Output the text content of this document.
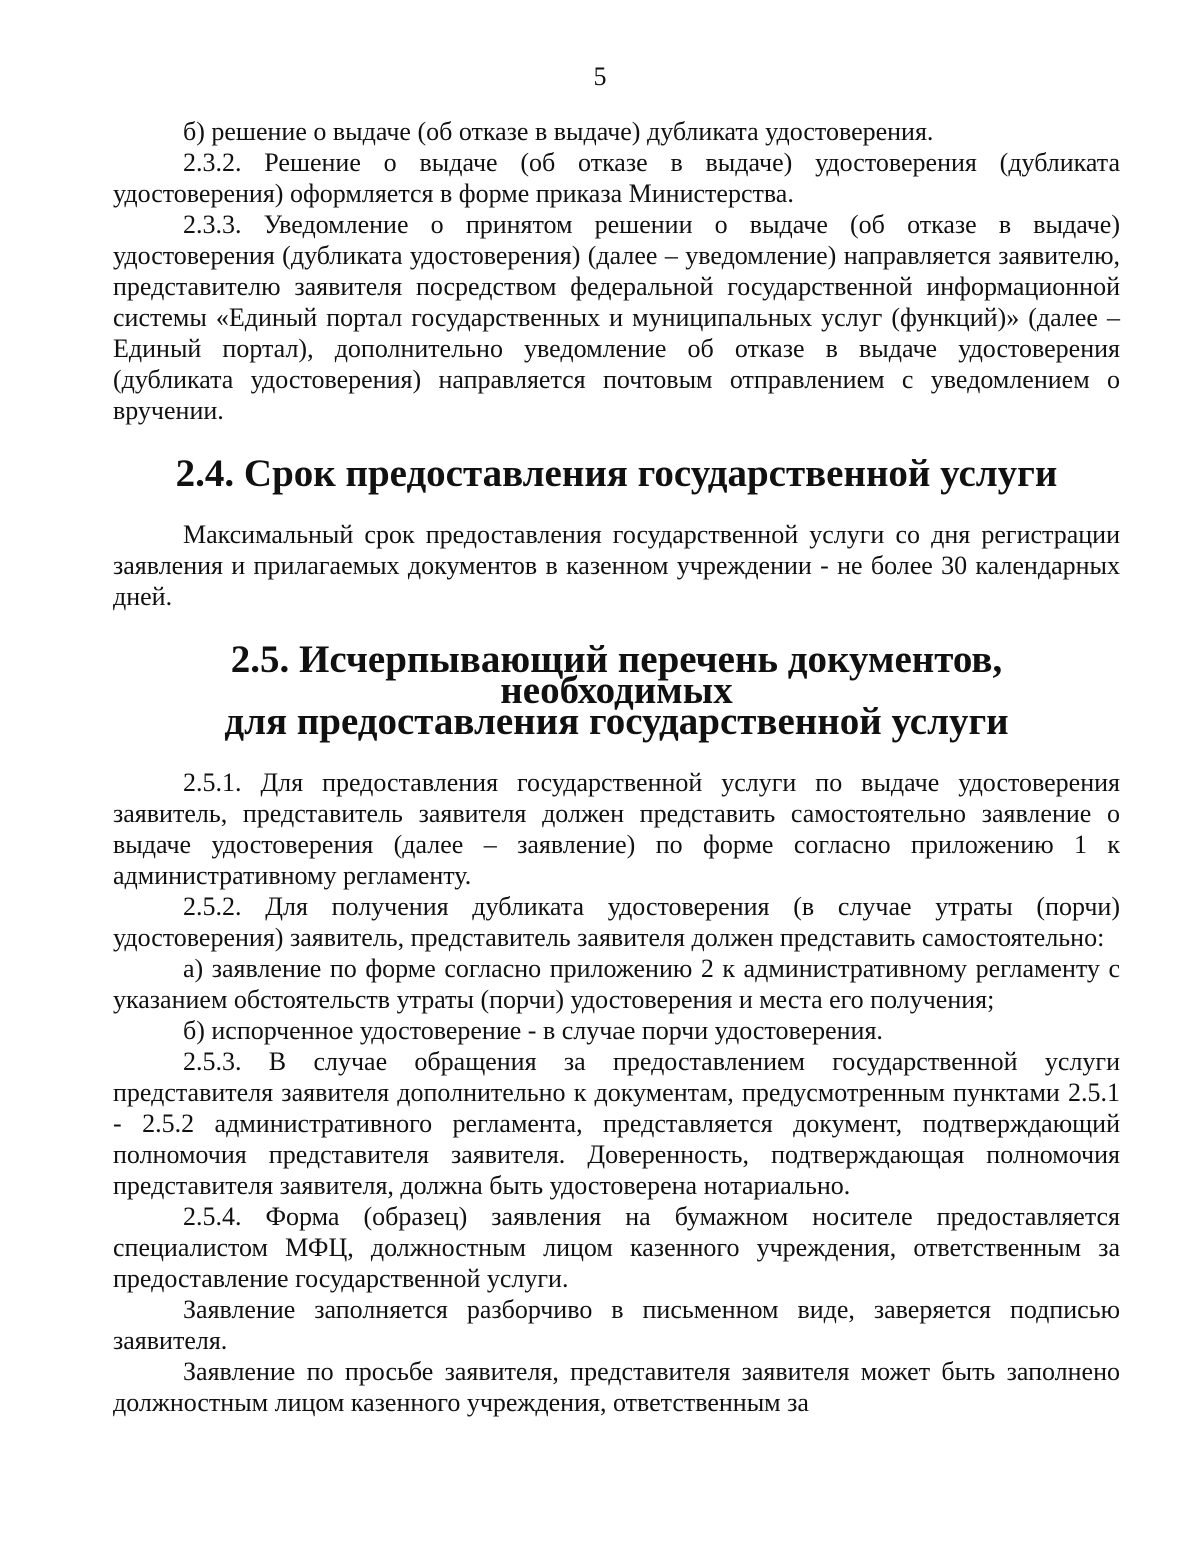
5

б) решение о выдаче (об отказе в выдаче) дубликата удостоверения.

2.3.2. Решение о выдаче (об отказе в выдаче) удостоверения (дубликата удостоверения) оформляется в форме приказа Министерства.

2.3.3. Уведомление о принятом решении о выдаче (об отказе в выдаче) удостоверения (дубликата удостоверения) (далее – уведомление) направляется заявителю, представителю заявителя посредством федеральной государственной информационной системы «Единый портал государственных и муниципальных услуг (функций)» (далее – Единый портал), дополнительно уведомление об отказе в выдаче удостоверения (дубликата удостоверения) направляется почтовым отправлением с уведомлением о вручении.

2.4. Срок предоставления государственной услуги

Максимальный срок предоставления государственной услуги со дня регистрации заявления и прилагаемых документов в казенном учреждении - не более 30 календарных дней.

2.5. Исчерпывающий перечень документов, необходимых
для предоставления государственной услуги

2.5.1. Для предоставления государственной услуги по выдаче удостоверения заявитель, представитель заявителя должен представить самостоятельно заявление о выдаче удостоверения (далее – заявление) по форме согласно приложению 1 к административному регламенту.

2.5.2. Для получения дубликата удостоверения (в случае утраты (порчи) удостоверения) заявитель, представитель заявителя должен представить самостоятельно:

а) заявление по форме согласно приложению 2 к административному регламенту с указанием обстоятельств утраты (порчи) удостоверения и места его получения;

б) испорченное удостоверение - в случае порчи удостоверения.

2.5.3. В случае обращения за предоставлением государственной услуги представителя заявителя дополнительно к документам, предусмотренным пунктами 2.5.1 - 2.5.2 административного регламента, представляется документ, подтверждающий полномочия представителя заявителя. Доверенность, подтверждающая полномочия представителя заявителя, должна быть удостоверена нотариально.

2.5.4. Форма (образец) заявления на бумажном носителе предоставляется специалистом МФЦ, должностным лицом казенного учреждения, ответственным за предоставление государственной услуги.

Заявление заполняется разборчиво в письменном виде, заверяется подписью заявителя.

Заявление по просьбе заявителя, представителя заявителя может быть заполнено должностным лицом казенного учреждения, ответственным за
